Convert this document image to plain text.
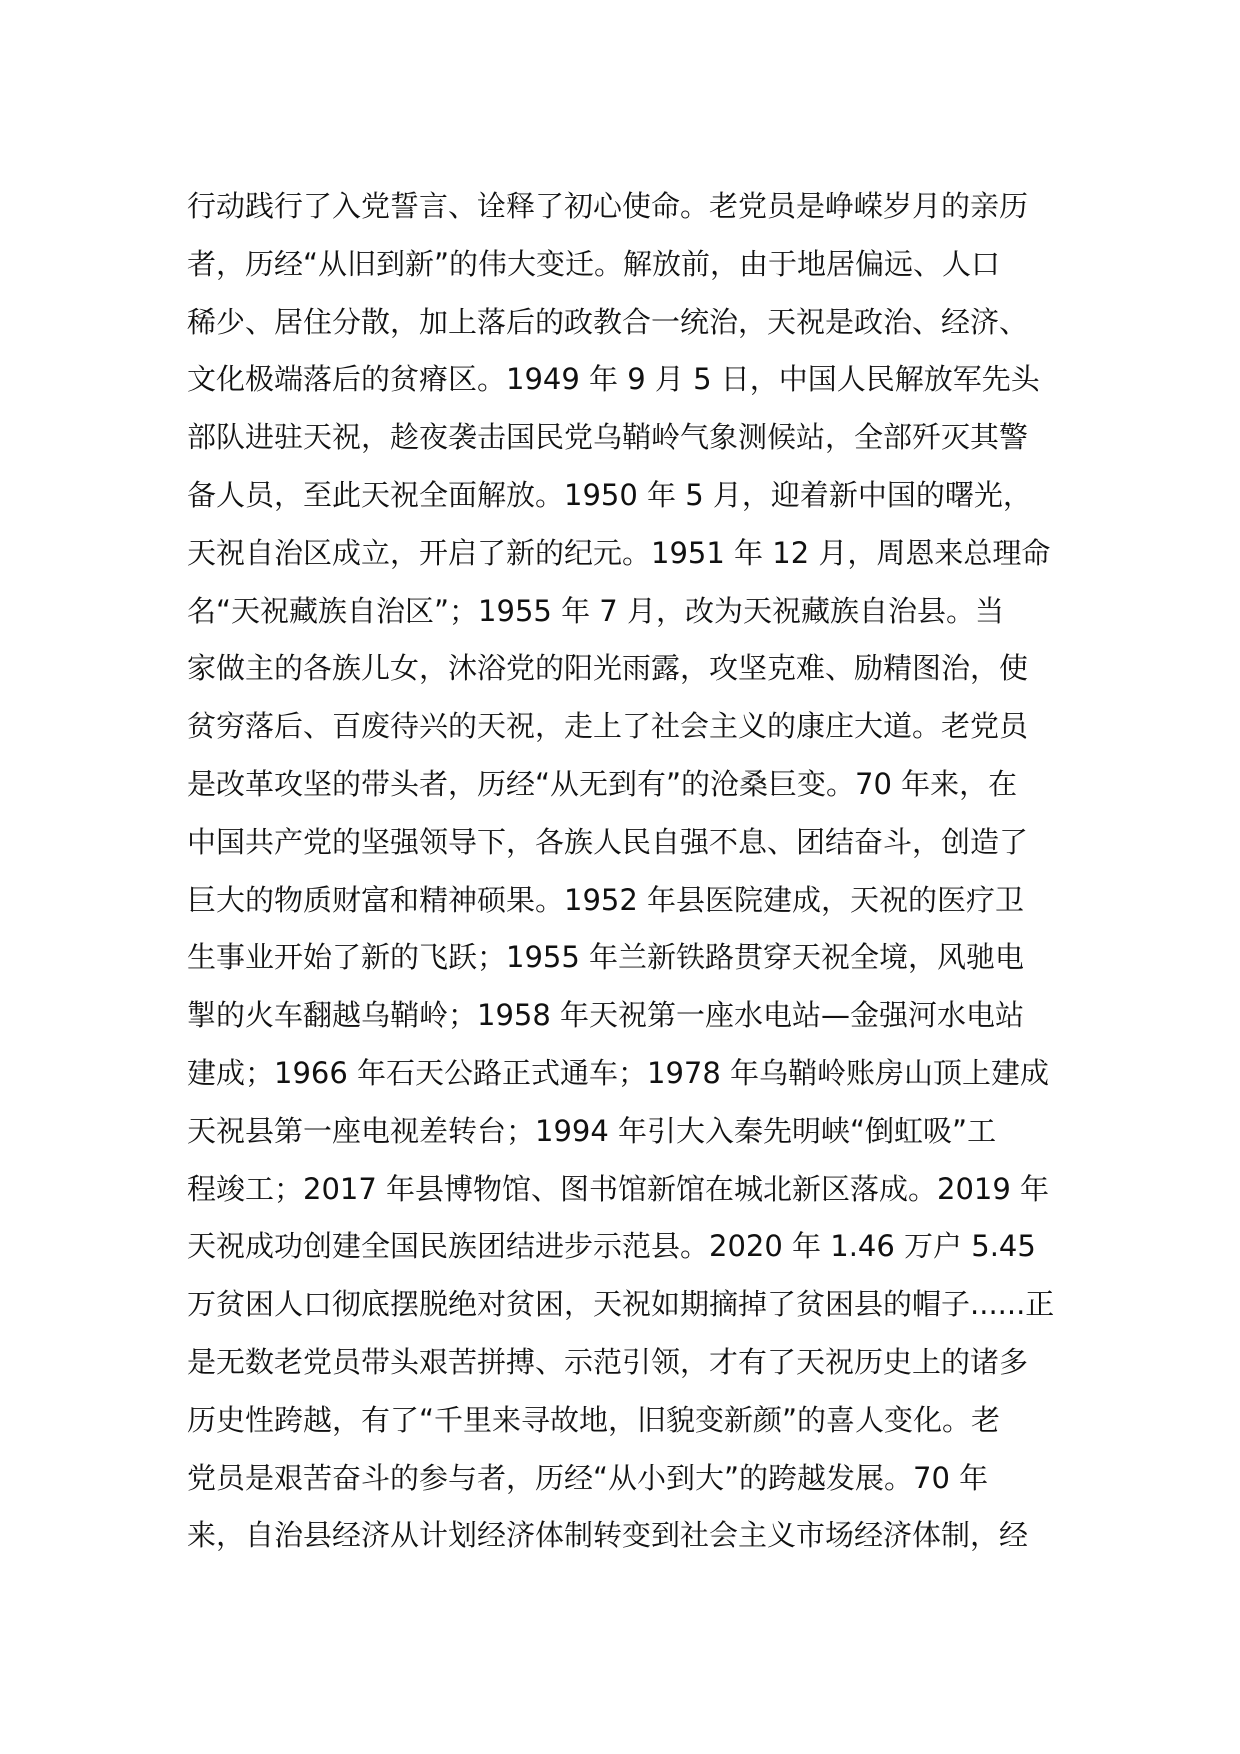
行动践行了入党誓言、诠释了初心使命。老党员是峥嵘岁月的亲历
者，历经“从旧到新”的伟大变迁。解放前，由于地居偏远、人口
稀少、居住分散，加上落后的政教合一统治，天祝是政治、经济、
文化极端落后的贫瘠区。1949 年 9 月 5 日，中国人民解放军先头
部队进驻天祝，趁夜袭击国民党乌鞘岭气象测候站，全部歼灭其警
备人员，至此天祝全面解放。1950 年 5 月，迎着新中国的曙光，
天祝自治区成立，开启了新的纪元。1951 年 12 月，周恩来总理命
名“天祝藏族自治区”；1955 年 7 月，改为天祝藏族自治县。当
家做主的各族儿女，沐浴党的阳光雨露，攻坚克难、励精图治，使
贫穷落后、百废待兴的天祝，走上了社会主义的康庄大道。老党员
是改革攻坚的带头者，历经“从无到有”的沧桑巨变。70 年来，在
中国共产党的坚强领导下，各族人民自强不息、团结奋斗，创造了
巨大的物质财富和精神硕果。1952 年县医院建成，天祝的医疗卫
生事业开始了新的飞跃；1955 年兰新铁路贯穿天祝全境，风驰电
掣的火车翻越乌鞘岭；1958 年天祝第一座水电站—金强河水电站
建成；1966 年石天公路正式通车；1978 年乌鞘岭账房山顶上建成
天祝县第一座电视差转台；1994 年引大入秦先明峡“倒虹吸”工
程竣工；2017 年县博物馆、图书馆新馆在城北新区落成。2019 年
天祝成功创建全国民族团结进步示范县。2020 年 1.46 万户 5.45
万贫困人口彻底摆脱绝对贫困，天祝如期摘掉了贫困县的帽子......正
是无数老党员带头艰苦拼搏、示范引领，才有了天祝历史上的诸多
历史性跨越，有了“千里来寻故地，旧貌变新颜”的喜人变化。老
党员是艰苦奋斗的参与者，历经“从小到大”的跨越发展。70 年
来，自治县经济从计划经济体制转变到社会主义市场经济体制，经
